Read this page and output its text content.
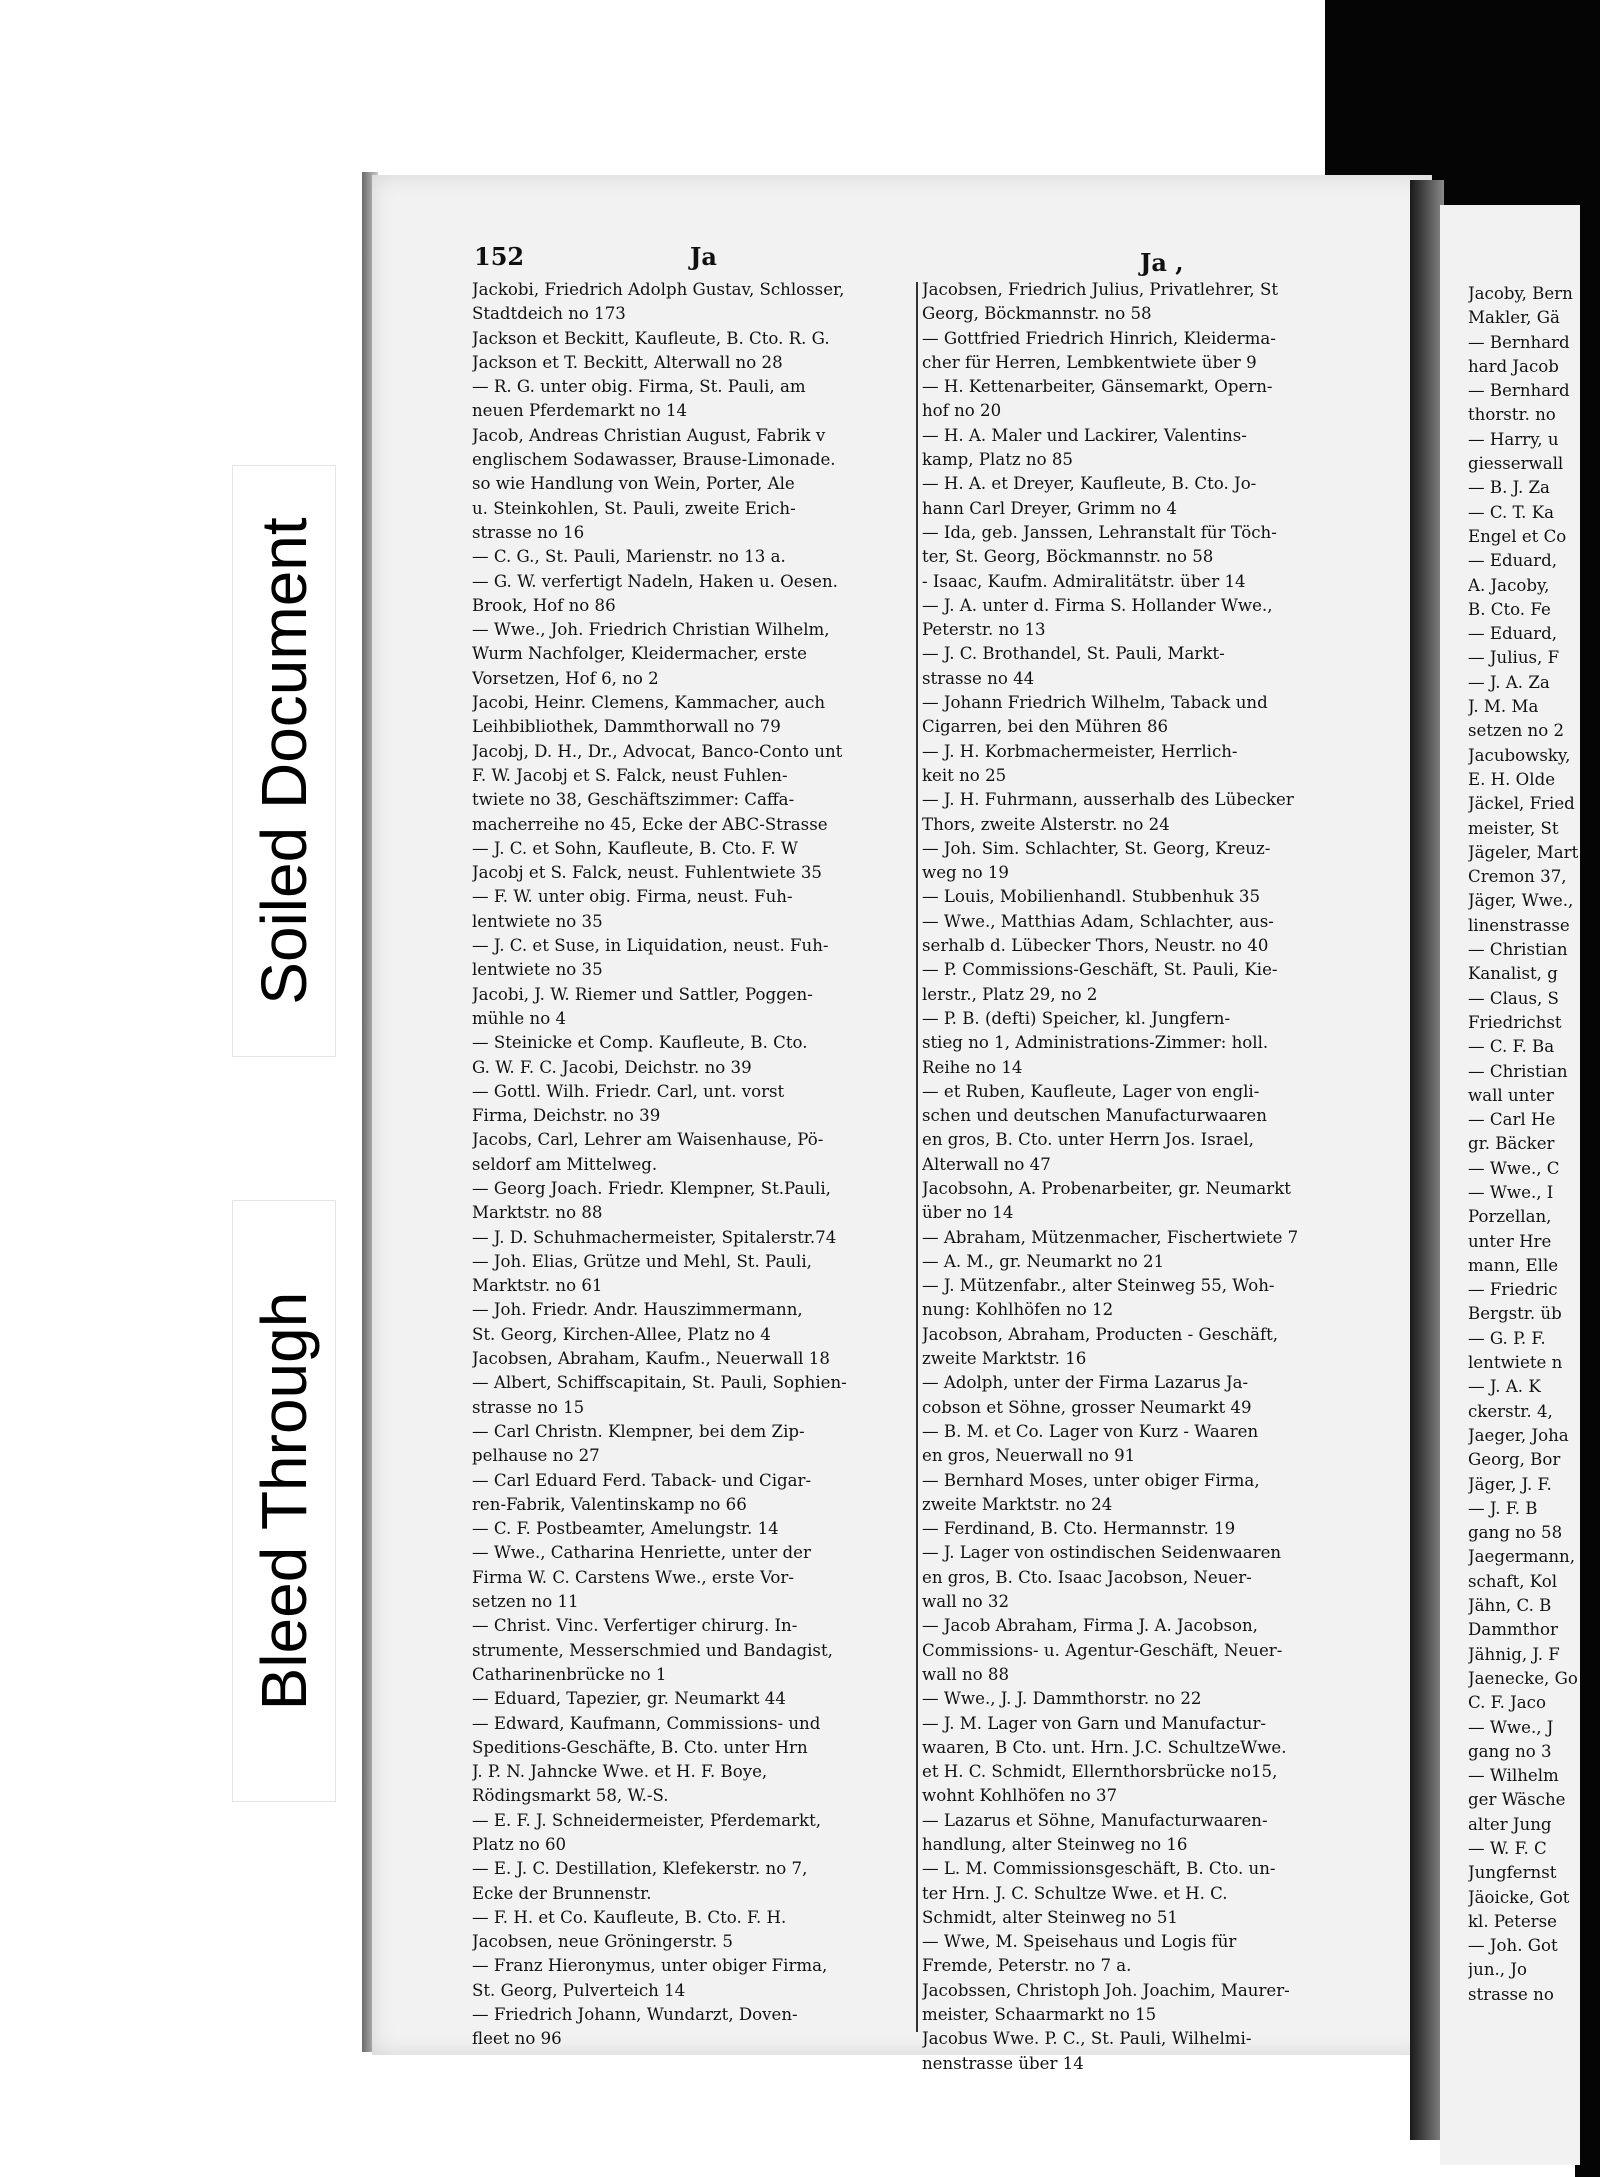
Soiled Document
Bleed Through
152	Ja	Ja ,
Jackobi, Friedrich Adolph Gustav, Schlosser,
Stadtdeich no 173
Jackson et Beckitt, Kaufleute, B. Cto. R. G.
Jackson et T. Beckitt, Alterwall no 28
— R. G. unter obig. Firma, St. Pauli, am
neuen Pferdemarkt no 14
Jacob, Andreas Christian August, Fabrik v
englischem Sodawasser, Brause-Limonade.
so wie Handlung von Wein, Porter, Ale
u. Steinkohlen, St. Pauli, zweite Erich-
strasse no 16
— C. G., St. Pauli, Marienstr. no 13 a.
— G. W. verfertigt Nadeln, Haken u. Oesen.
Brook, Hof no 86
— Wwe., Joh. Friedrich Christian Wilhelm,
Wurm Nachfolger, Kleidermacher, erste
Vorsetzen, Hof 6, no 2
Jacobi, Heinr. Clemens, Kammacher, auch
Leihbibliothek, Dammthorwall no 79
Jacobj, D. H., Dr., Advocat, Banco-Conto unt
F. W. Jacobj et S. Falck, neust Fuhlen-
twiete no 38, Geschäftszimmer: Caffa-
macherreihe no 45, Ecke der ABC-Strasse
— J. C. et Sohn, Kaufleute, B. Cto. F. W
Jacobj et S. Falck, neust. Fuhlentwiete 35
— F. W. unter obig. Firma, neust. Fuh-
lentwiete no 35
— J. C. et Suse, in Liquidation, neust. Fuh-
lentwiete no 35
Jacobi, J. W. Riemer und Sattler, Poggen-
mühle no 4
— Steinicke et Comp. Kaufleute, B. Cto.
G. W. F. C. Jacobi, Deichstr. no 39
— Gottl. Wilh. Friedr. Carl, unt. vorst
Firma, Deichstr. no 39
Jacobs, Carl, Lehrer am Waisenhause, Pö-
seldorf am Mittelweg.
— Georg Joach. Friedr. Klempner, St.Pauli,
Marktstr. no 88
— J. D. Schuhmachermeister, Spitalerstr.74
— Joh. Elias, Grütze und Mehl, St. Pauli,
Marktstr. no 61
— Joh. Friedr. Andr. Hauszimmermann,
St. Georg, Kirchen-Allee, Platz no 4
Jacobsen, Abraham, Kaufm., Neuerwall 18
— Albert, Schiffscapitain, St. Pauli, Sophien-
strasse no 15
— Carl Christn. Klempner, bei dem Zip-
pelhause no 27
— Carl Eduard Ferd. Taback- und Cigar-
ren-Fabrik, Valentinskamp no 66
— C. F. Postbeamter, Amelungstr. 14
— Wwe., Catharina Henriette, unter der
Firma W. C. Carstens Wwe., erste Vor-
setzen no 11
— Christ. Vinc. Verfertiger chirurg. In-
strumente, Messerschmied und Bandagist,
Catharinenbrücke no 1
— Eduard, Tapezier, gr. Neumarkt 44
— Edward, Kaufmann, Commissions- und
Speditions-Geschäfte, B. Cto. unter Hrn
J. P. N. Jahncke Wwe. et H. F. Boye,
Rödingsmarkt 58, W.-S.
— E. F. J. Schneidermeister, Pferdemarkt,
Platz no 60
— E. J. C. Destillation, Klefekerstr. no 7,
Ecke der Brunnenstr.
— F. H. et Co. Kaufleute, B. Cto. F. H.
Jacobsen, neue Gröningerstr. 5
— Franz Hieronymus, unter obiger Firma,
St. Georg, Pulverteich 14
— Friedrich Johann, Wundarzt, Doven-
fleet no 96
Jacobsen, Friedrich Julius, Privatlehrer, St
Georg, Böckmannstr. no 58
— Gottfried Friedrich Hinrich, Kleiderma-
cher für Herren, Lembkentwiete über 9
— H. Kettenarbeiter, Gänsemarkt, Opern-
hof no 20
— H. A. Maler und Lackirer, Valentins-
kamp, Platz no 85
— H. A. et Dreyer, Kaufleute, B. Cto. Jo-
hann Carl Dreyer, Grimm no 4
— Ida, geb. Janssen, Lehranstalt für Töch-
ter, St. Georg, Böckmannstr. no 58
- Isaac, Kaufm. Admiralitätstr. über 14
— J. A. unter d. Firma S. Hollander Wwe.,
Peterstr. no 13
— J. C. Brothandel, St. Pauli, Markt-
strasse no 44
— Johann Friedrich Wilhelm, Taback und
Cigarren, bei den Mühren 86
— J. H. Korbmachermeister, Herrlich-
keit no 25
— J. H. Fuhrmann, ausserhalb des Lübecker
Thors, zweite Alsterstr. no 24
— Joh. Sim. Schlachter, St. Georg, Kreuz-
weg no 19
— Louis, Mobilienhandl. Stubbenhuk 35
— Wwe., Matthias Adam, Schlachter, aus-
serhalb d. Lübecker Thors, Neustr. no 40
— P. Commissions-Geschäft, St. Pauli, Kie-
lerstr., Platz 29, no 2
— P. B. (defti) Speicher, kl. Jungfern-
stieg no 1, Administrations-Zimmer: holl.
Reihe no 14
— et Ruben, Kaufleute, Lager von engli-
schen und deutschen Manufacturwaaren
en gros, B. Cto. unter Herrn Jos. Israel,
Alterwall no 47
Jacobsohn, A. Probenarbeiter, gr. Neumarkt
über no 14
— Abraham, Mützenmacher, Fischertwiete 7
— A. M., gr. Neumarkt no 21
— J. Mützenfabr., alter Steinweg 55, Woh-
nung: Kohlhöfen no 12
Jacobson, Abraham, Producten - Geschäft,
zweite Marktstr. 16
— Adolph, unter der Firma Lazarus Ja-
cobson et Söhne, grosser Neumarkt 49
— B. M. et Co. Lager von Kurz - Waaren
en gros, Neuerwall no 91
— Bernhard Moses, unter obiger Firma,
zweite Marktstr. no 24
— Ferdinand, B. Cto. Hermannstr. 19
— J. Lager von ostindischen Seidenwaaren
en gros, B. Cto. Isaac Jacobson, Neuer-
wall no 32
— Jacob Abraham, Firma J. A. Jacobson,
Commissions- u. Agentur-Geschäft, Neuer-
wall no 88
— Wwe., J. J. Dammthorstr. no 22
— J. M. Lager von Garn und Manufactur-
waaren, B Cto. unt. Hrn. J.C. SchultzeWwe.
et H. C. Schmidt, Ellernthorsbrücke no15,
wohnt Kohlhöfen no 37
— Lazarus et Söhne, Manufacturwaaren-
handlung, alter Steinweg no 16
— L. M. Commissionsgeschäft, B. Cto. un-
ter Hrn. J. C. Schultze Wwe. et H. C.
Schmidt, alter Steinweg no 51
— Wwe, M. Speisehaus und Logis für
Fremde, Peterstr. no 7 a.
Jacobssen, Christoph Joh. Joachim, Maurer-
meister, Schaarmarkt no 15
Jacobus Wwe. P. C., St. Pauli, Wilhelmi-
nenstrasse über 14
Jacoby, Bern
Makler, Gä
— Bernhard
hard Jacob
— Bernhard
thorstr. no
— Harry, u
giesserwall
— B. J. Za
— C. T. Ka
Engel et Co
— Eduard,
A. Jacoby,
B. Cto. Fe
— Eduard,
— Julius, F
— J. A. Za
J. M. Ma
setzen no 2
Jacubowsky,
E. H. Olde
Jäckel, Fried
meister, St
Jägeler, Mart
Cremon 37,
Jäger, Wwe.,
linenstrasse
— Christian
Kanalist, g
— Claus, S
Friedrichst
— C. F. Ba
— Christian
wall unter
— Carl He
gr. Bäcker
— Wwe., C
— Wwe., I
Porzellan,
unter Hre
mann, Elle
— Friedric
Bergstr. üb
— G. P. F.
lentwiete n
— J. A. K
ckerstr. 4,
Jaeger, Joha
Georg, Bor
Jäger, J. F.
— J. F. B
gang no 58
Jaegermann,
schaft, Kol
Jähn, C. B
Dammthor
Jähnig, J. F
Jaenecke, Go
C. F. Jaco
— Wwe., J
gang no 3
— Wilhelm
ger Wäsche
alter Jung
— W. F. C
Jungfernst
Jäoicke, Got
kl. Peterse
— Joh. Got
jun., Jo
strasse no
